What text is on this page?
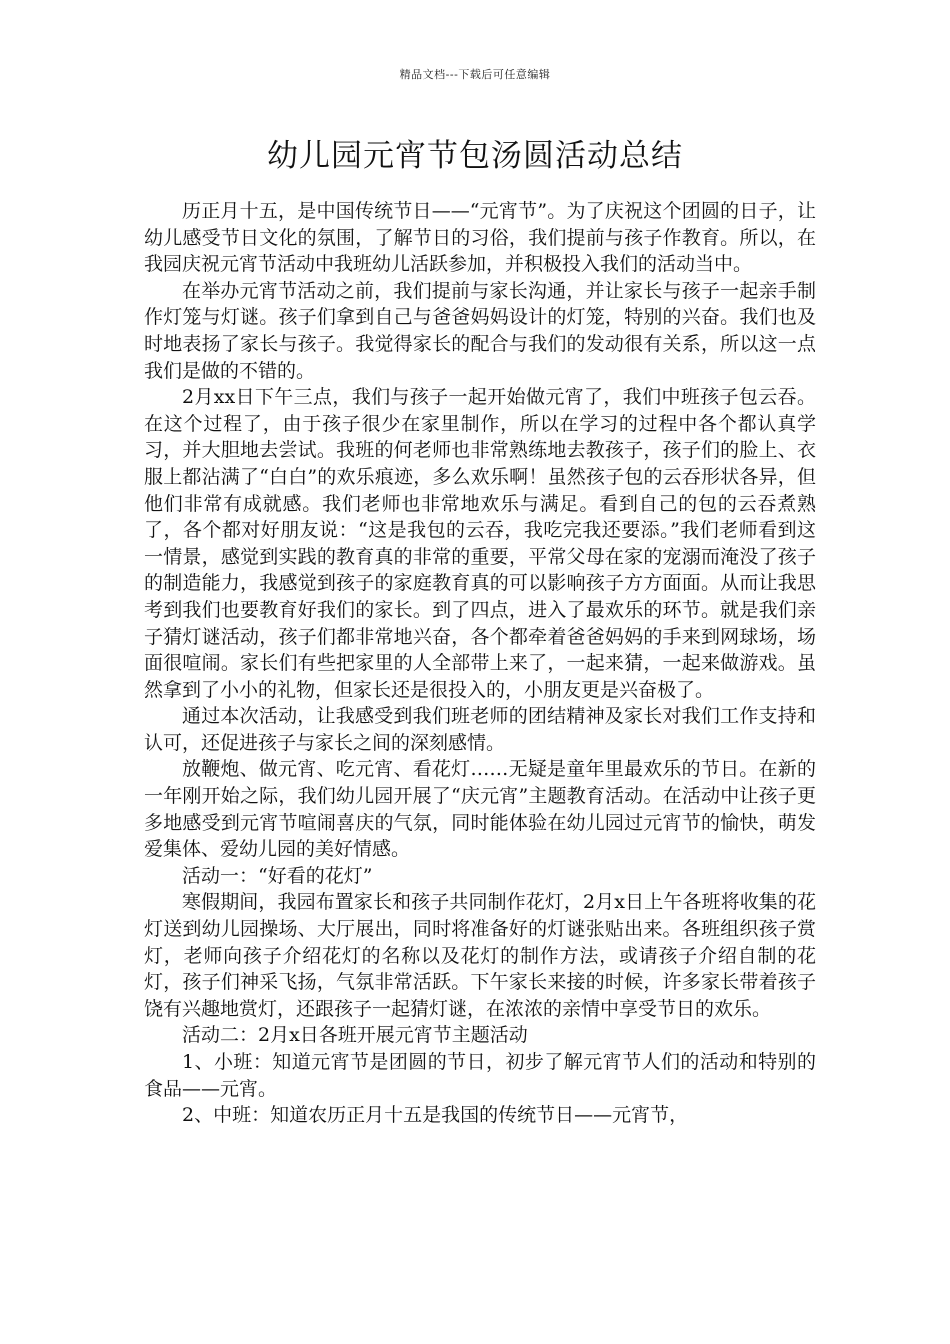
精品文档---下载后可任意编辑
幼儿园元宵节包汤圆活动总结

历正月十五，是中国传统节日——“元宵节”。为了庆祝这个团圆的日子，让幼儿感受节日文化的氛围，了解节日的习俗，我们提前与孩子作教育。所以，在我园庆祝元宵节活动中我班幼儿活跃参加，并积极投入我们的活动当中。

在举办元宵节活动之前，我们提前与家长沟通，并让家长与孩子一起亲手制作灯笼与灯谜。孩子们拿到自己与爸爸妈妈设计的灯笼，特别的兴奋。我们也及时地表扬了家长与孩子。我觉得家长的配合与我们的发动很有关系，所以这一点我们是做的不错的。

2月xx日下午三点，我们与孩子一起开始做元宵了，我们中班孩子包云吞。在这个过程了，由于孩子很少在家里制作，所以在学习的过程中各个都认真学习，并大胆地去尝试。我班的何老师也非常熟练地去教孩子，孩子们的脸上、衣服上都沾满了“白白”的欢乐痕迹，多么欢乐啊！虽然孩子包的云吞形状各异，但他们非常有成就感。我们老师也非常地欢乐与满足。看到自己的包的云吞煮熟了，各个都对好朋友说：“这是我包的云吞，我吃完我还要添。”我们老师看到这一情景，感觉到实践的教育真的非常的重要，平常父母在家的宠溺而淹没了孩子的制造能力，我感觉到孩子的家庭教育真的可以影响孩子方方面面。从而让我思考到我们也要教育好我们的家长。到了四点，进入了最欢乐的环节。就是我们亲子猜灯谜活动，孩子们都非常地兴奋，各个都牵着爸爸妈妈的手来到网球场，场面很喧闹。家长们有些把家里的人全部带上来了，一起来猜，一起来做游戏。虽然拿到了小小的礼物，但家长还是很投入的，小朋友更是兴奋极了。

通过本次活动，让我感受到我们班老师的团结精神及家长对我们工作支持和认可，还促进孩子与家长之间的深刻感情。

放鞭炮、做元宵、吃元宵、看花灯……无疑是童年里最欢乐的节日。在新的一年刚开始之际，我们幼儿园开展了“庆元宵”主题教育活动。在活动中让孩子更多地感受到元宵节喧闹喜庆的气氛，同时能体验在幼儿园过元宵节的愉快，萌发爱集体、爱幼儿园的美好情感。

活动一：“好看的花灯”

寒假期间，我园布置家长和孩子共同制作花灯，2月x日上午各班将收集的花灯送到幼儿园操场、大厅展出，同时将准备好的灯谜张贴出来。各班组织孩子赏灯，老师向孩子介绍花灯的名称以及花灯的制作方法，或请孩子介绍自制的花灯，孩子们神采飞扬，气氛非常活跃。下午家长来接的时候，许多家长带着孩子饶有兴趣地赏灯，还跟孩子一起猜灯谜，在浓浓的亲情中享受节日的欢乐。

活动二：2月x日各班开展元宵节主题活动

1、小班：知道元宵节是团圆的节日，初步了解元宵节人们的活动和特别的食品——元宵。

2、中班：知道农历正月十五是我国的传统节日——元宵节，
